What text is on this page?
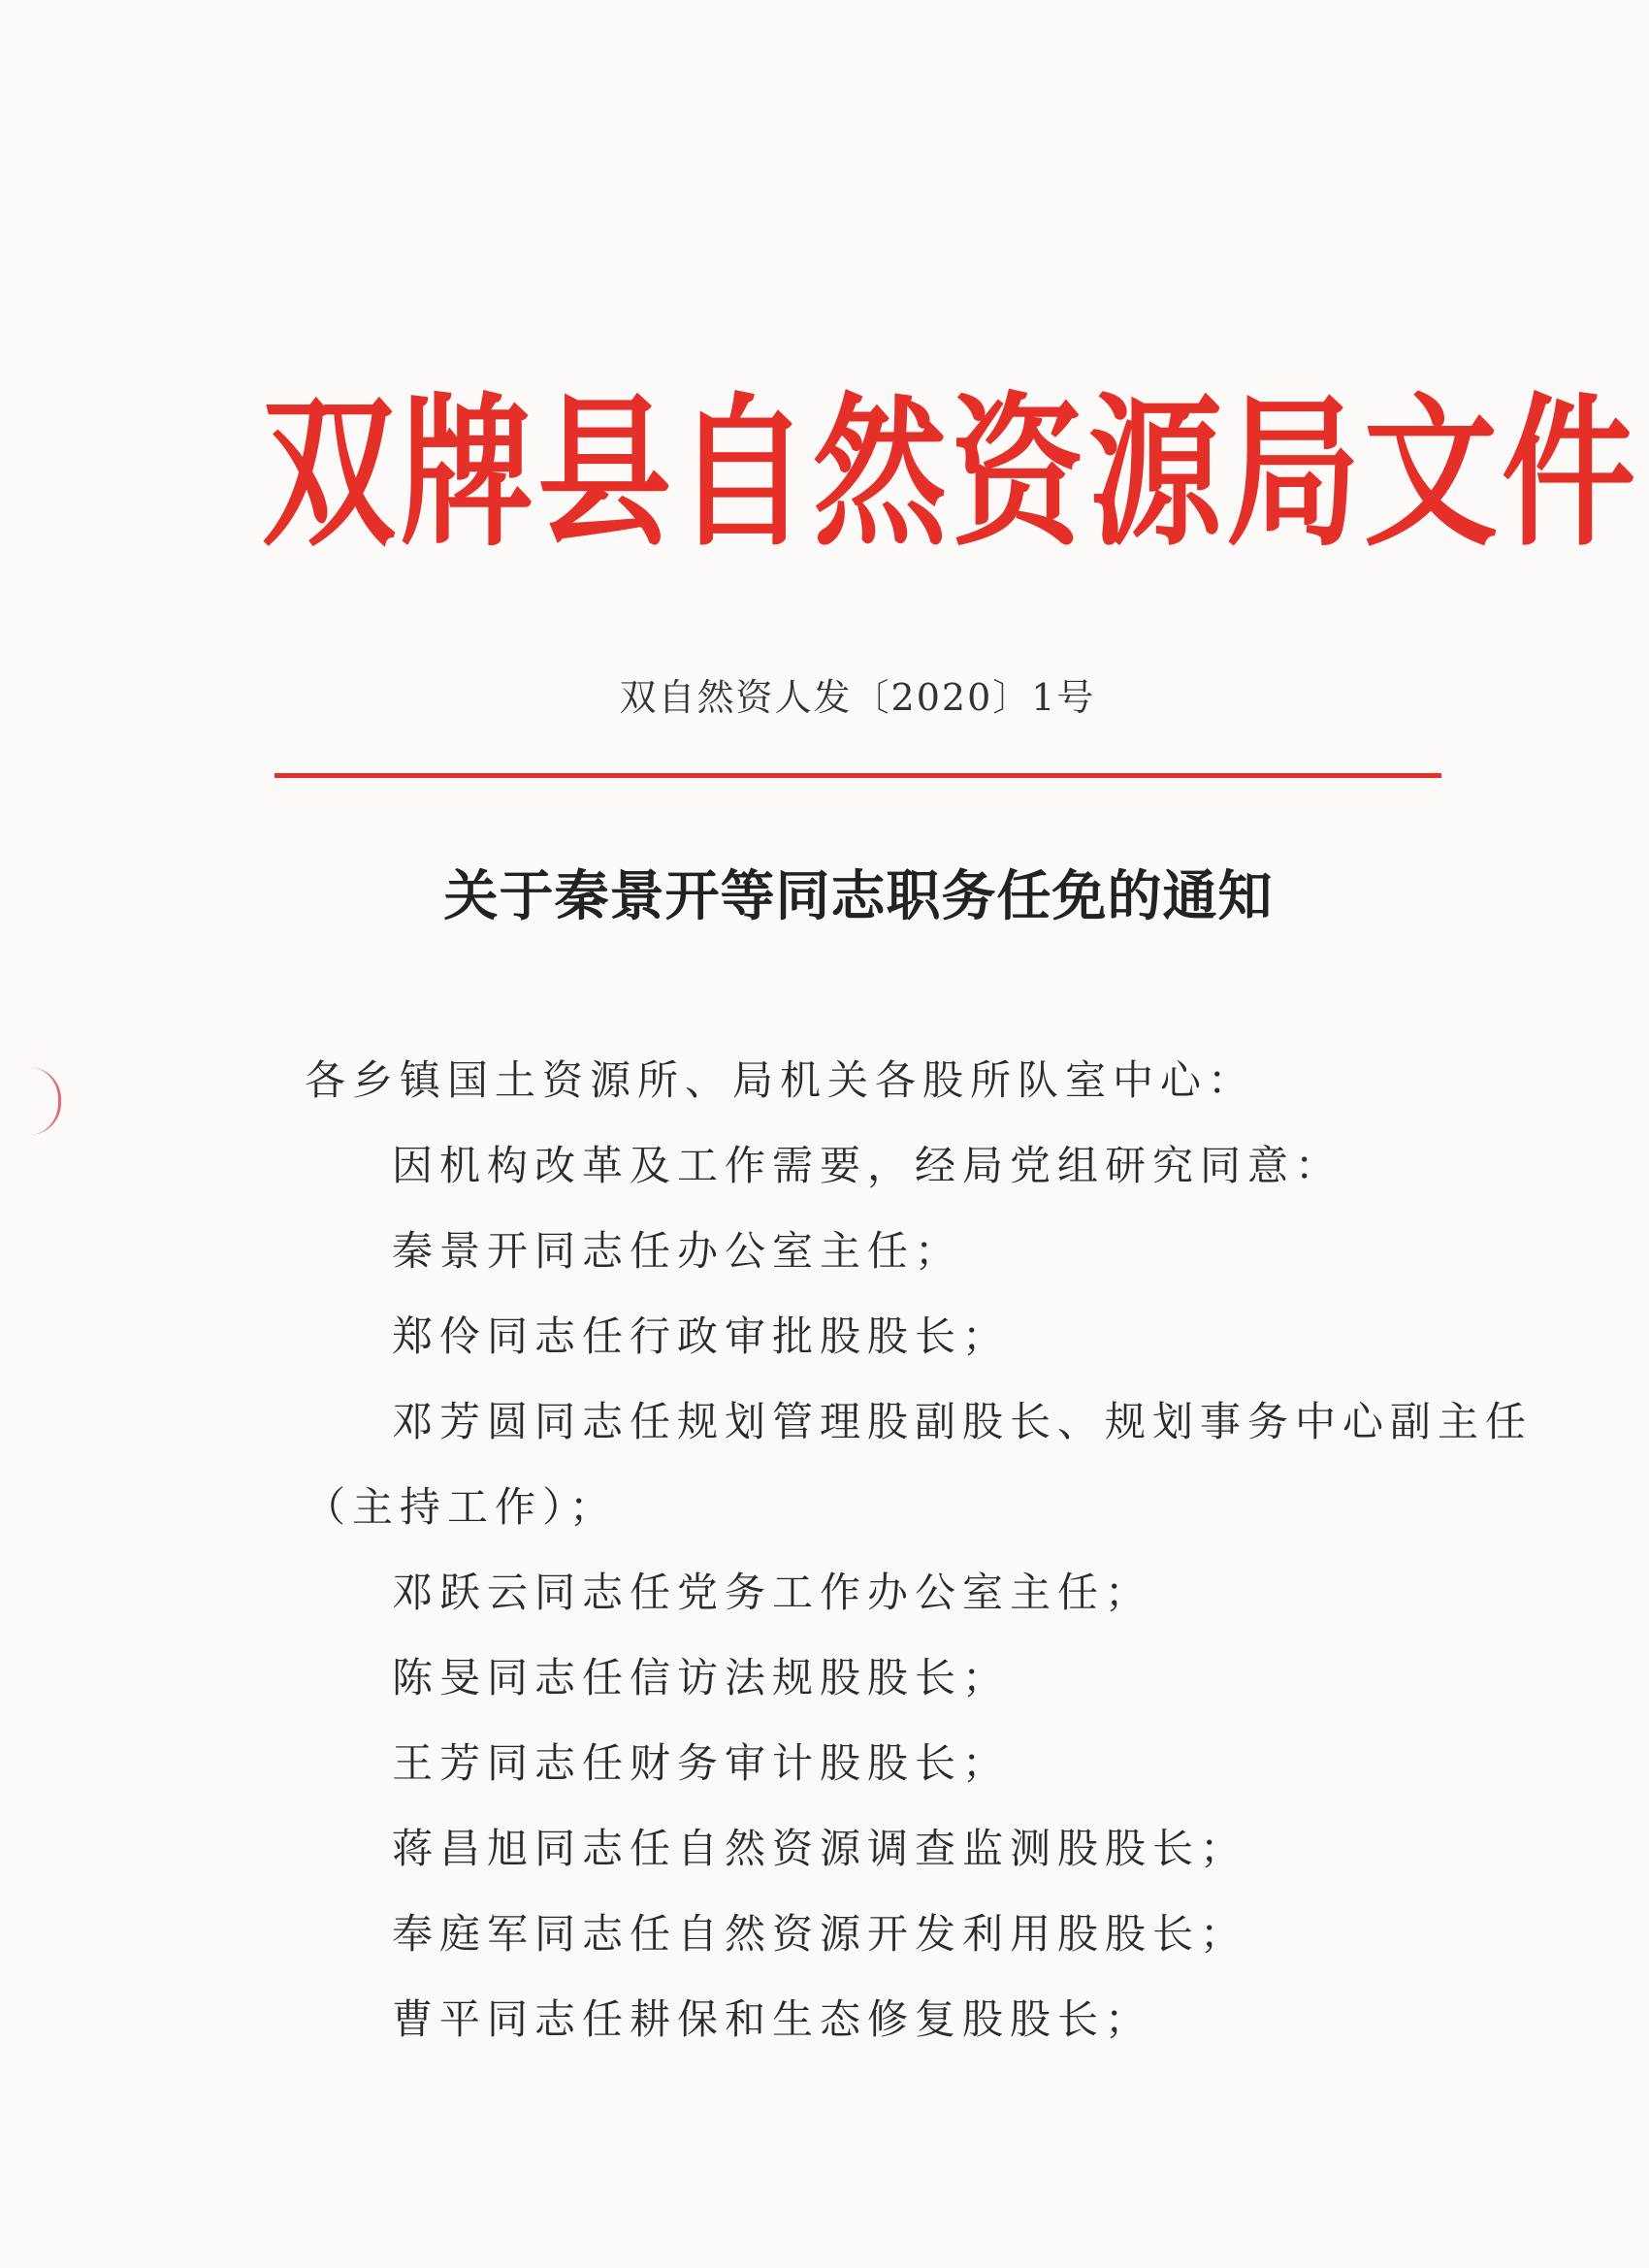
双牌县自然资源局文件
双自然资人发〔2020〕1号
关于秦景开等同志职务任免的通知
各乡镇国土资源所、局机关各股所队室中心：
因机构改革及工作需要，经局党组研究同意：
秦景开同志任办公室主任；
郑伶同志任行政审批股股长；
邓芳圆同志任规划管理股副股长、规划事务中心副主任
（主持工作）；
邓跃云同志任党务工作办公室主任；
陈旻同志任信访法规股股长；
王芳同志任财务审计股股长；
蒋昌旭同志任自然资源调查监测股股长；
奉庭军同志任自然资源开发利用股股长；
曹平同志任耕保和生态修复股股长；
